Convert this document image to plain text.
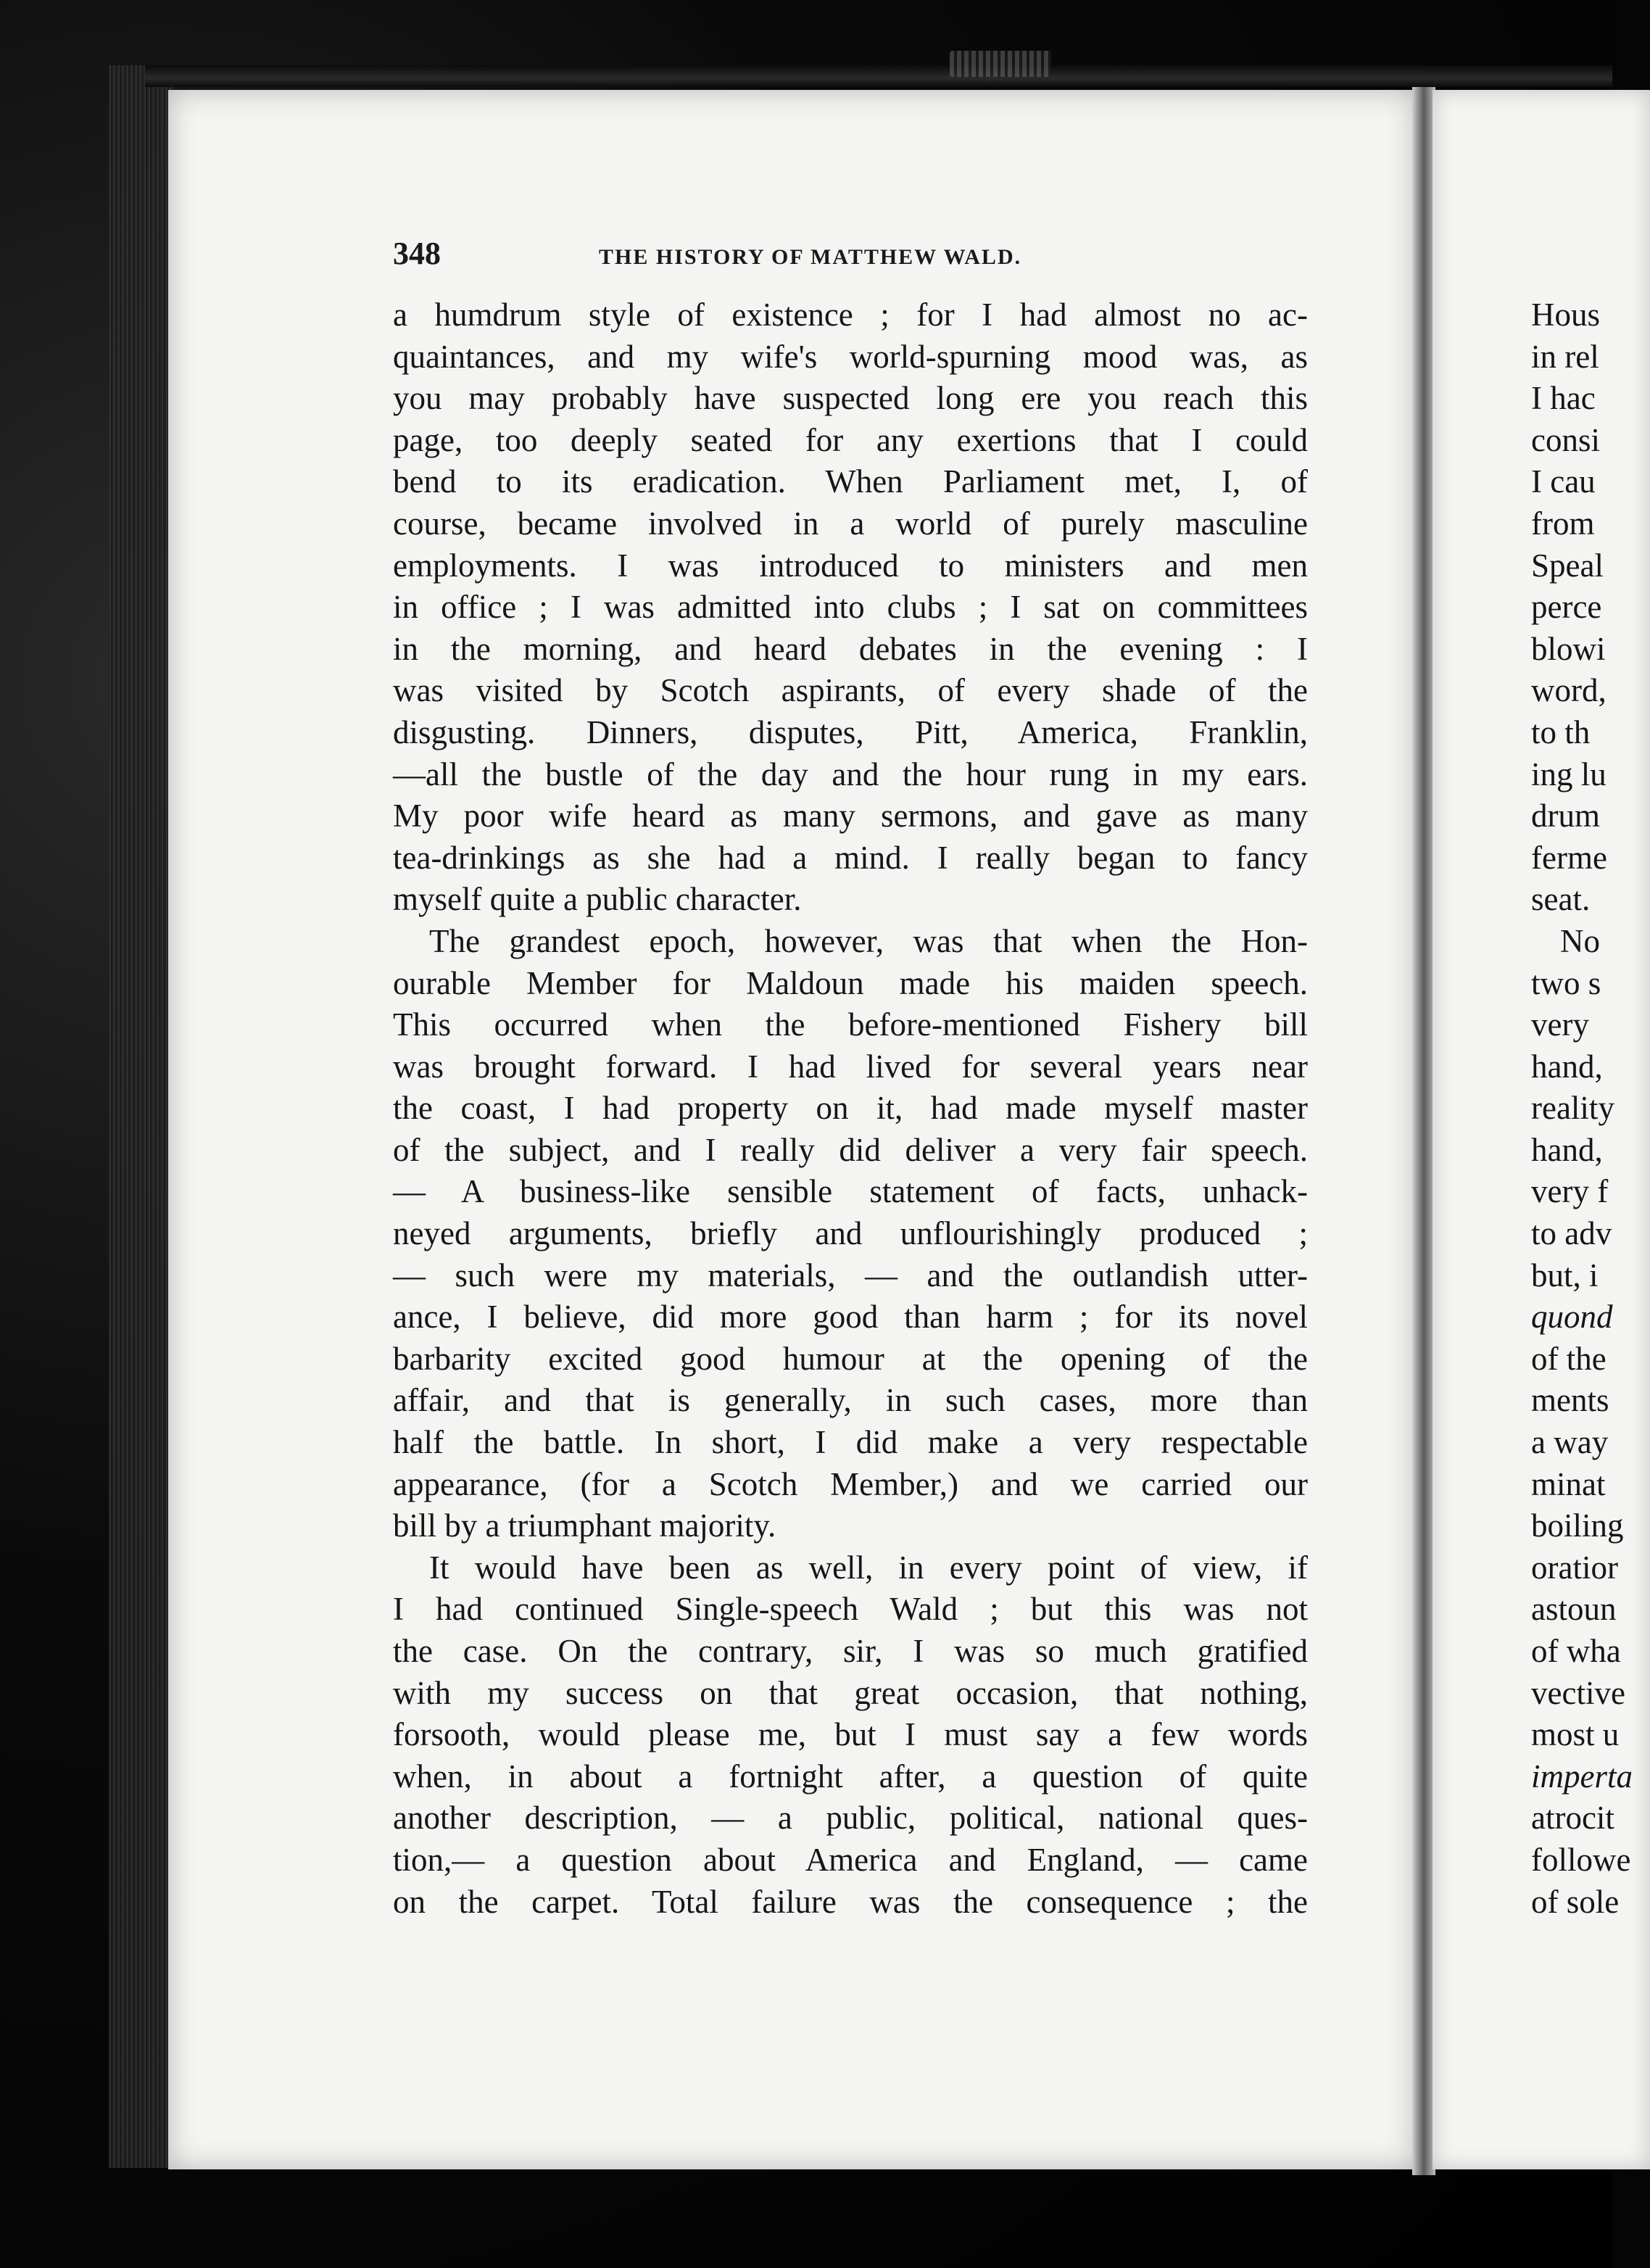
348	THE HISTORY OF MATTHEW WALD.
a humdrum style of existence ; for I had almost no ac-
quaintances, and my wife's world-spurning mood was, as
you may probably have suspected long ere you reach this
page, too deeply seated for any exertions that I could
bend to its eradication. When Parliament met, I, of
course, became involved in a world of purely masculine
employments. I was introduced to ministers and men
in office ; I was admitted into clubs ; I sat on committees
in the morning, and heard debates in the evening : I
was visited by Scotch aspirants, of every shade of the
disgusting. Dinners, disputes, Pitt, America, Franklin,
—all the bustle of the day and the hour rung in my ears.
My poor wife heard as many sermons, and gave as many
tea-drinkings as she had a mind. I really began to fancy
myself quite a public character.
The grandest epoch, however, was that when the Hon-
ourable Member for Maldoun made his maiden speech.
This occurred when the before-mentioned Fishery bill
was brought forward. I had lived for several years near
the coast, I had property on it, had made myself master
of the subject, and I really did deliver a very fair speech.
— A business-like sensible statement of facts, unhack-
neyed arguments, briefly and unflourishingly produced ;
— such were my materials, — and the outlandish utter-
ance, I believe, did more good than harm ; for its novel
barbarity excited good humour at the opening of the
affair, and that is generally, in such cases, more than
half the battle. In short, I did make a very respectable
appearance, (for a Scotch Member,) and we carried our
bill by a triumphant majority.
It would have been as well, in every point of view, if
I had continued Single-speech Wald ; but this was not
the case. On the contrary, sir, I was so much gratified
with my success on that great occasion, that nothing,
forsooth, would please me, but I must say a few words
when, in about a fortnight after, a question of quite
another description, — a public, political, national ques-
tion,— a question about America and England, — came
on the carpet. Total failure was the consequence ; the
Hous
in rel
I hac
consi
I cau
from
Speal
perce
blowi
word,
to th
ing lu
drum
ferme
seat.
No
two s
very
hand,
reality
hand,
very f
to adv
but, i
quond
of the
ments
a way
minat
boiling
oratior
astoun
of wha
vective
most u
imperta
atrocit
followe
of sole
